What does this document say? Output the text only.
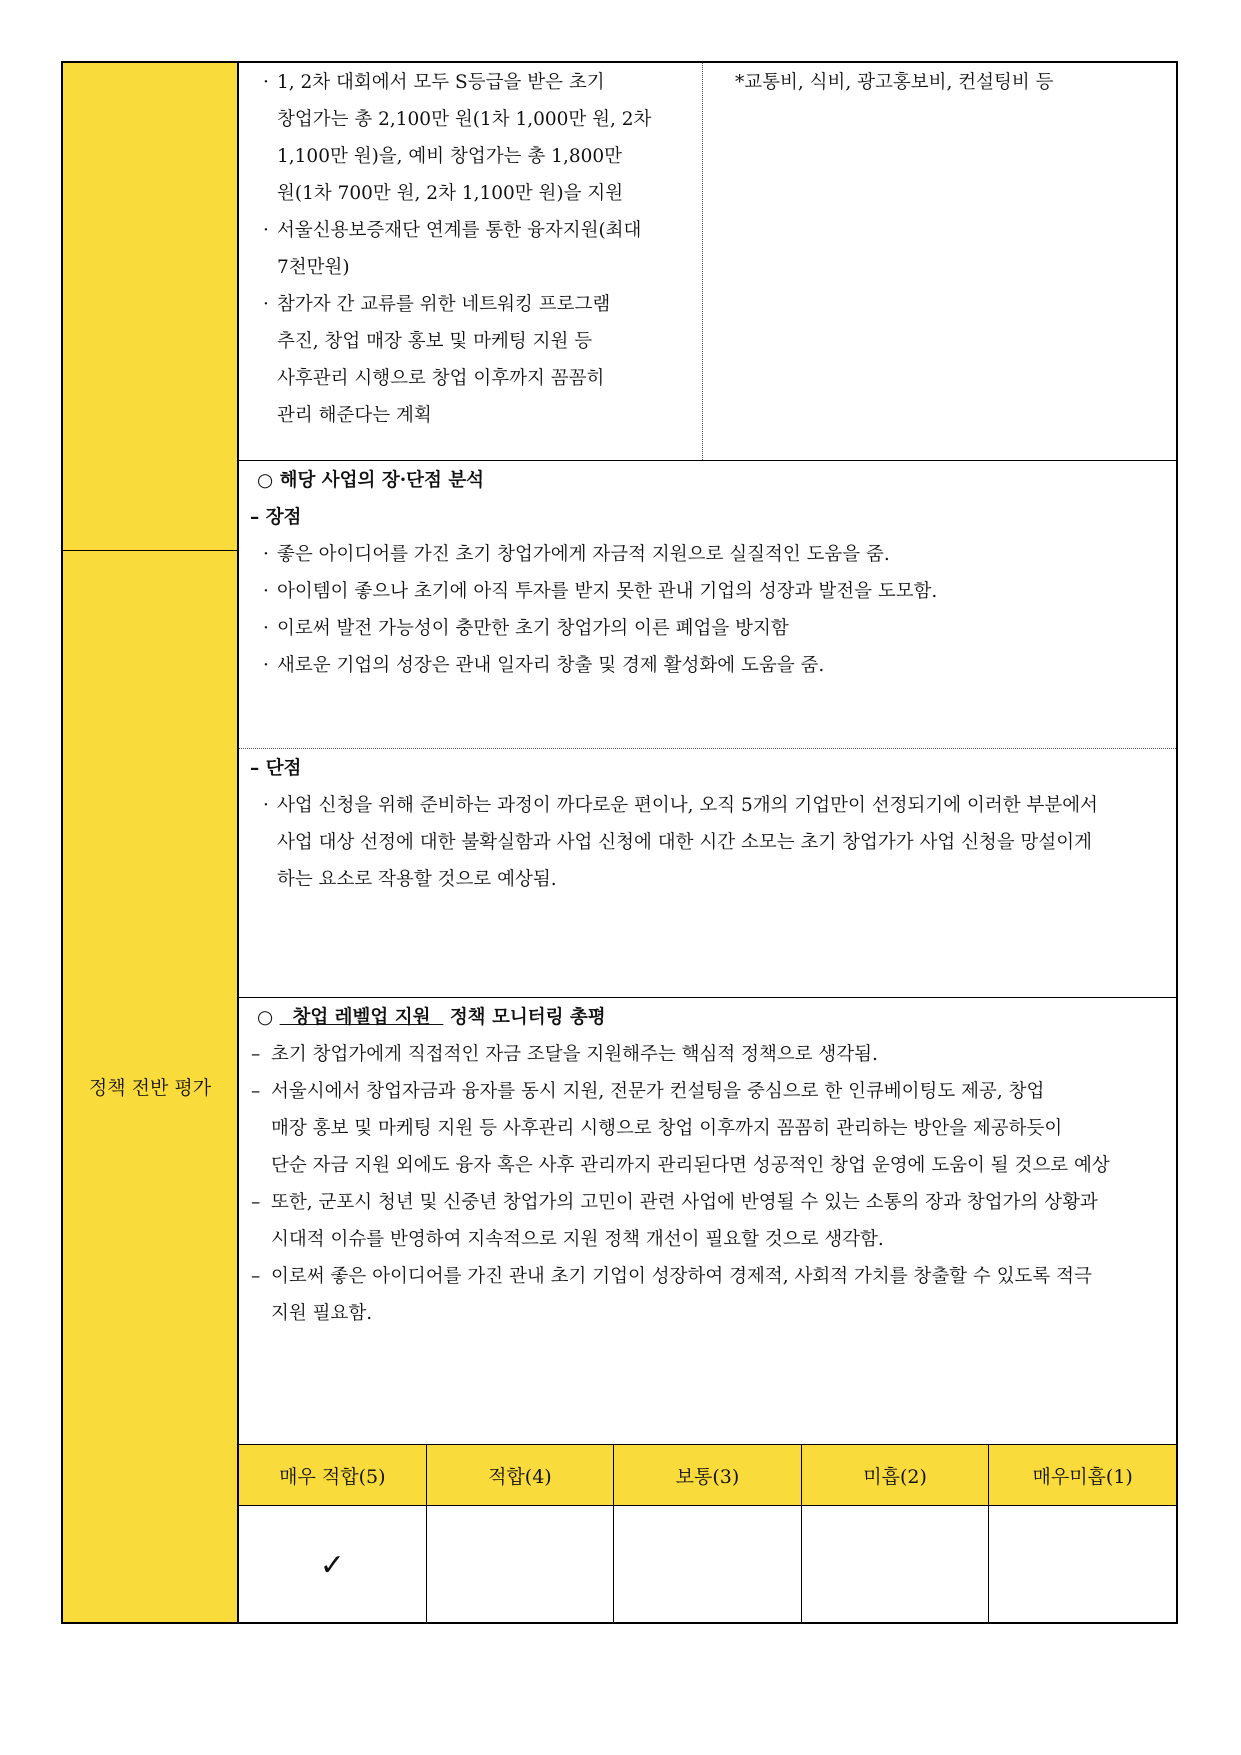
정책 전반 평가
· 1, 2차 대회에서 모두 S등급을 받은 초기
창업가는 총 2,100만 원(1차 1,000만 원, 2차
1,100만 원)을, 예비 창업가는 총 1,800만
원(1차 700만 원, 2차 1,100만 원)을 지원
· 서울신용보증재단 연계를 통한 융자지원(최대
7천만원)
· 참가자 간 교류를 위한 네트워킹 프로그램
추진, 창업 매장 홍보 및 마케팅 지원 등
사후관리 시행으로 창업 이후까지 꼼꼼히
관리 해준다는 계획
*교통비, 식비, 광고홍보비, 컨설팅비 등
○ 해당 사업의 장·단점 분석
– 장점
· 좋은 아이디어를 가진 초기 창업가에게 자금적 지원으로 실질적인 도움을 줌.
· 아이템이 좋으나 초기에 아직 투자를 받지 못한 관내 기업의 성장과 발전을 도모함.
· 이로써 발전 가능성이 충만한 초기 창업가의 이른 폐업을 방지함
· 새로운 기업의 성장은 관내 일자리 창출 및 경제 활성화에 도움을 줌.
– 단점
· 사업 신청을 위해 준비하는 과정이 까다로운 편이나, 오직 5개의 기업만이 선정되기에 이러한 부분에서
사업 대상 선정에 대한 불확실함과 사업 신청에 대한 시간 소모는 초기 창업가가 사업 신청을 망설이게
하는 요소로 작용할 것으로 예상됨.
○   창업 레벨업 지원   정책 모니터링 총평
– 초기 창업가에게 직접적인 자금 조달을 지원해주는 핵심적 정책으로 생각됨.
– 서울시에서 창업자금과 융자를 동시 지원, 전문가 컨설팅을 중심으로 한 인큐베이팅도 제공, 창업
매장 홍보 및 마케팅 지원 등 사후관리 시행으로 창업 이후까지 꼼꼼히 관리하는 방안을 제공하듯이
단순 자금 지원 외에도 융자 혹은 사후 관리까지 관리된다면 성공적인 창업 운영에 도움이 될 것으로 예상
– 또한, 군포시 청년 및 신중년 창업가의 고민이 관련 사업에 반영될 수 있는 소통의 장과 창업가의 상황과
시대적 이슈를 반영하여 지속적으로 지원 정책 개선이 필요할 것으로 생각함.
– 이로써 좋은 아이디어를 가진 관내 초기 기업이 성장하여 경제적, 사회적 가치를 창출할 수 있도록 적극
지원 필요함.
매우 적합(5)	적합(4)	보통(3)	미흡(2)	매우미흡(1)
✓
